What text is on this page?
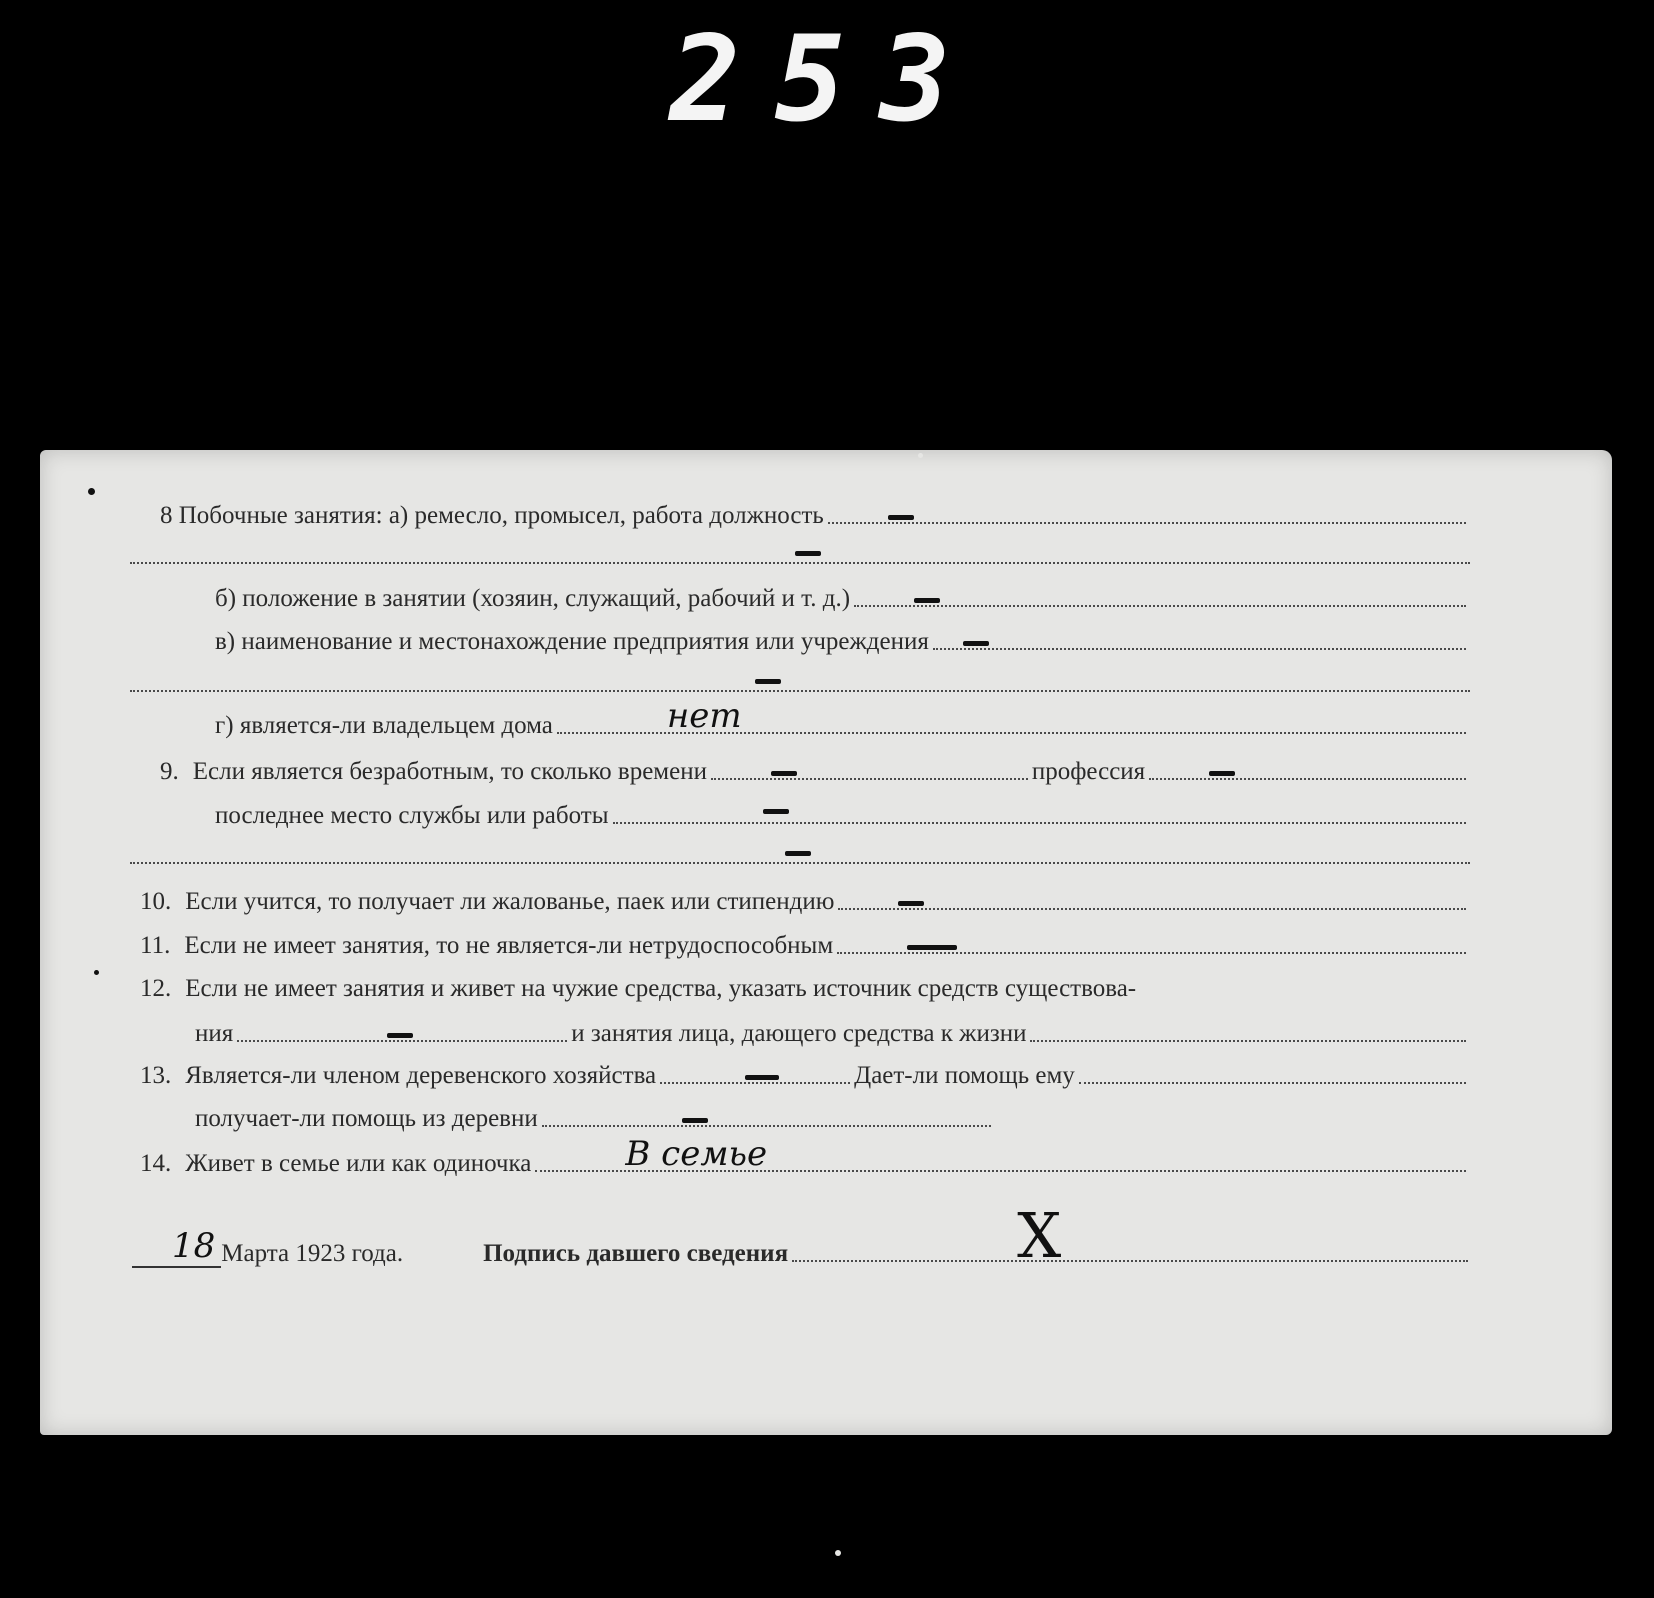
253
8 Побочные занятия: а) ремесло, промысел, работа должность
б) положение в занятии (хозяин, служащий, рабочий и т. д.)
в) наименование и местонахождение предприятия или учреждения
г) является-ли владельцем дома	нет
9. Если является безработным, то сколько времени	профессия
последнее место службы или работы
10. Если учится, то получает ли жалованье, паек или стипендию
11. Если не имеет занятия, то не является-ли нетрудоспособным
12. Если не имеет занятия и живет на чужие средства, указать источник средств существова-
ния	и занятия лица, дающего средства к жизни
13. Является-ли членом деревенского хозяйства	Дает-ли помощь ему
получает-ли помощь из деревни
14. Живет в семье или как одиночка	В семье
18 Марта 1923 года.	Подпись давшего сведения	X
